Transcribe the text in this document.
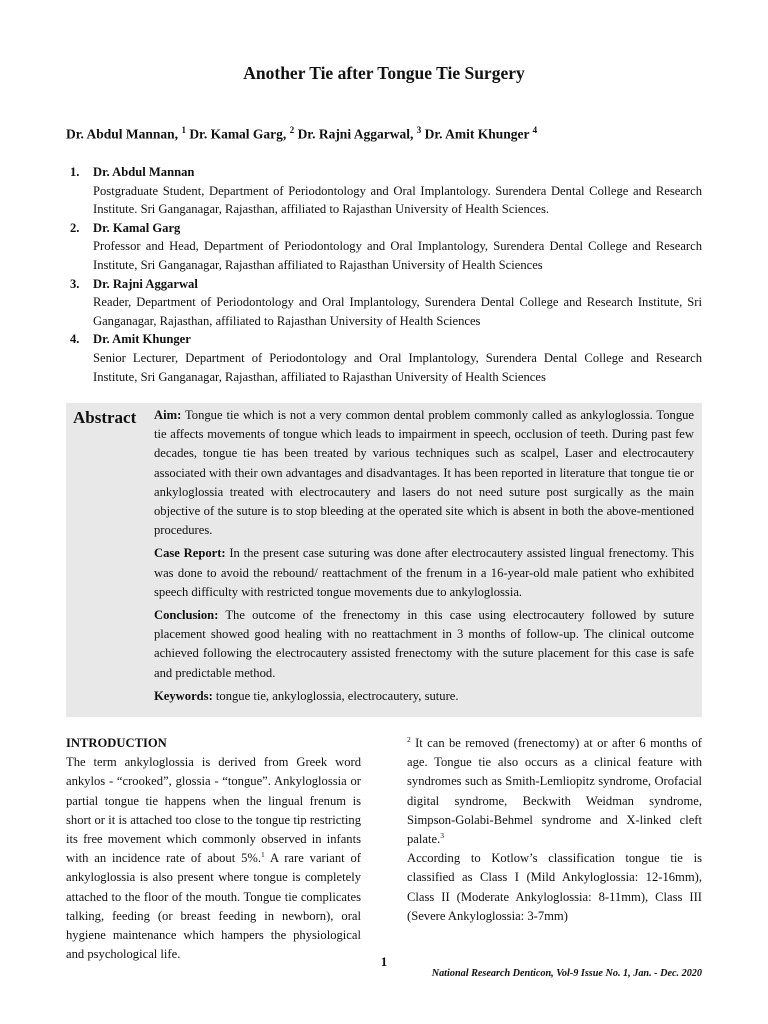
Another Tie after Tongue Tie Surgery
Dr. Abdul Mannan, $^1$ Dr. Kamal Garg, $^2$ Dr. Rajni Aggarwal, $^3$ Dr. Amit Khunger $^4$
1. Dr. Abdul Mannan
Postgraduate Student, Department of Periodontology and Oral Implantology. Surendera Dental College and Research Institute. Sri Ganganagar, Rajasthan, affiliated to Rajasthan University of Health Sciences.
2. Dr. Kamal Garg
Professor and Head, Department of Periodontology and Oral Implantology, Surendera Dental College and Research Institute, Sri Ganganagar, Rajasthan affiliated to Rajasthan University of Health Sciences
3. Dr. Rajni Aggarwal
Reader, Department of Periodontology and Oral Implantology, Surendera Dental College and Research Institute, Sri Ganganagar, Rajasthan, affiliated to Rajasthan University of Health Sciences
4. Dr. Amit Khunger
Senior Lecturer, Department of Periodontology and Oral Implantology, Surendera Dental College and Research Institute, Sri Ganganagar, Rajasthan, affiliated to Rajasthan University of Health Sciences
Abstract Aim: Tongue tie which is not a very common dental problem commonly called as ankyloglossia. Tongue tie affects movements of tongue which leads to impairment in speech, occlusion of teeth. During past few decades, tongue tie has been treated by various techniques such as scalpel, Laser and electrocautery associated with their own advantages and disadvantages. It has been reported in literature that tongue tie or ankyloglossia treated with electrocautery and lasers do not need suture post surgically as the main objective of the suture is to stop bleeding at the operated site which is absent in both the above-mentioned procedures.

Case Report: In the present case suturing was done after electrocautery assisted lingual frenectomy. This was done to avoid the rebound/ reattachment of the frenum in a 16-year-old male patient who exhibited speech difficulty with restricted tongue movements due to ankyloglossia.

Conclusion: The outcome of the frenectomy in this case using electrocautery followed by suture placement showed good healing with no reattachment in 3 months of follow-up. The clinical outcome achieved following the electrocautery assisted frenectomy with the suture placement for this case is safe and predictable method.

Keywords: tongue tie, ankyloglossia, electrocautery, suture.

INTRODUCTION

The term ankyloglossia is derived from Greek word ankylos - “crooked”, glossia - “tongue”. Ankyloglossia or partial tongue tie happens when the lingual frenum is short or it is attached too close to the tongue tip restricting its free movement which commonly observed in infants with an incidence rate of about 5%.$^1$ A rare variant of ankyloglossia is also present where tongue is completely attached to the floor of the mouth. Tongue tie complicates talking, feeding (or breast feeding in newborn), oral hygiene maintenance which hampers the physiological and psychological life.

$^2$ It can be removed (frenectomy) at or after 6 months of age. Tongue tie also occurs as a clinical feature with syndromes such as Smith-Lemliopitz syndrome, Orofacial digital syndrome, Beckwith Weidman syndrome, Simpson-Golabi-Behmel syndrome and X-linked cleft palate.$^3$

According to Kotlow’s classification tongue tie is classified as Class I (Mild Ankyloglossia: 12-16mm), Class II (Moderate Ankyloglossia: 8-11mm), Class III (Severe Ankyloglossia: 3-7mm)

1
National Research Denticon, Vol-9 Issue No. 1, Jan. - Dec. 2020
